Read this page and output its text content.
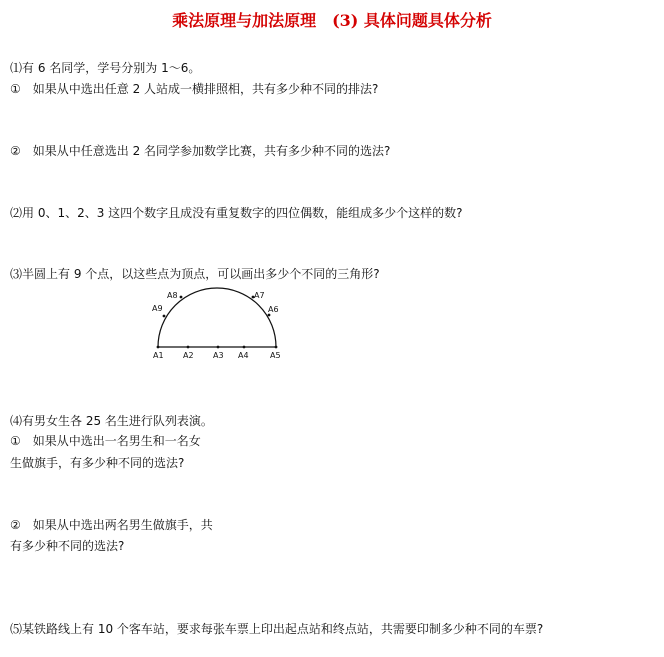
乘法原理与加法原理　(3) 具体问题具体分析
⑴有 6 名同学，学号分别为 1～6。
①　如果从中选出任意 2 人站成一横排照相，共有多少种不同的排法?
②　如果从中任意选出 2 名同学参加数学比赛，共有多少种不同的选法?
⑵用 0、1、2、3 这四个数字且成没有重复数字的四位偶数，能组成多少个这样的数?
⑶半圆上有 9 个点，以这些点为顶点，可以画出多少个不同的三角形?
A1 A2 A3 A4	A5
A9
A8	A7
A6
⑷有男女生各 25 名生进行队列表演。
①　如果从中选出一名男生和一名女
生做旗手，有多少种不同的选法?
②　如果从中选出两名男生做旗手，共
有多少种不同的选法?
⑸某铁路线上有 10 个客车站，要求每张车票上印出起点站和终点站，共需要印制多少种不同的车票?
